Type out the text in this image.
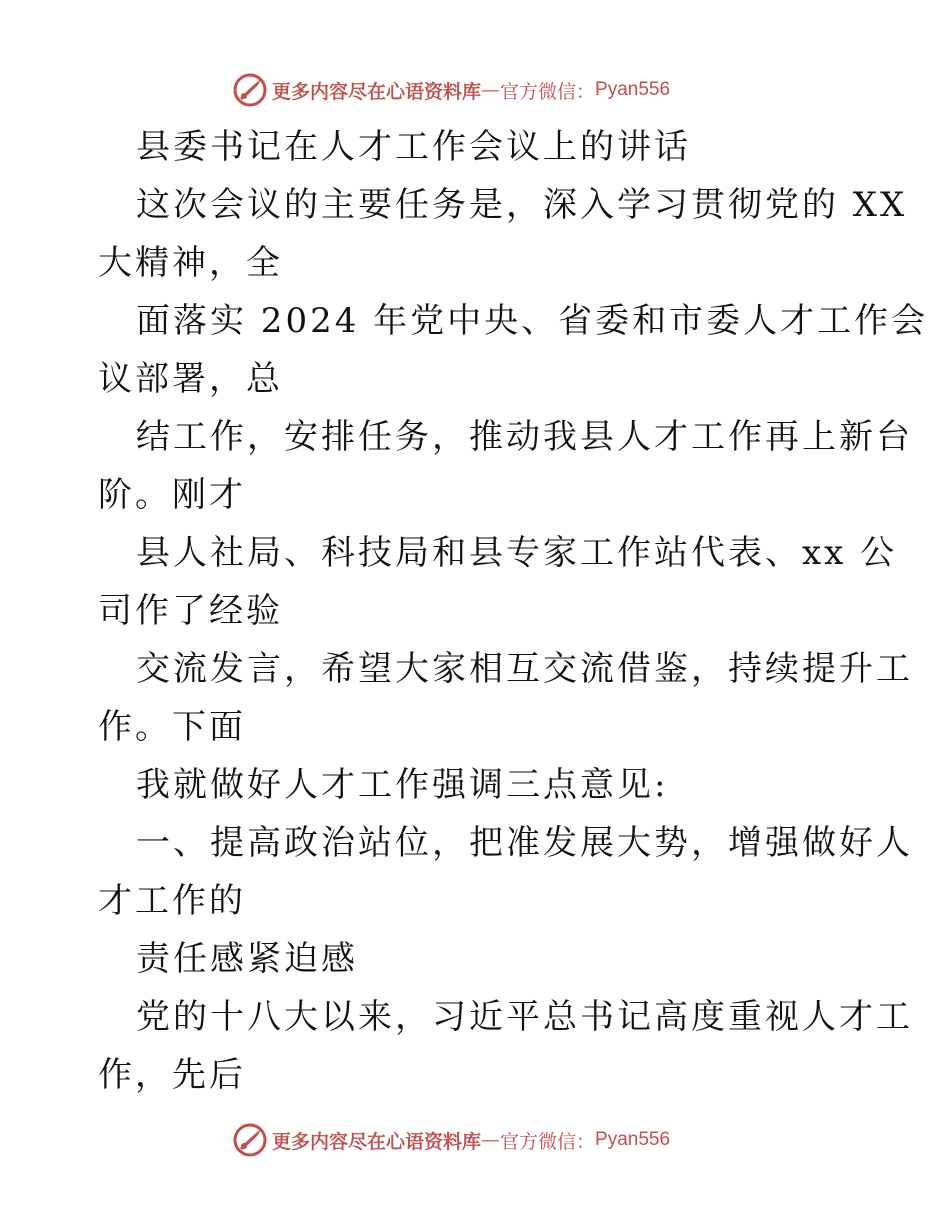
更多内容尽在心语资料库 — 官方微信： Pyan556
县委书记在人才工作会议上的讲话
这次会议的主要任务是，深入学习贯彻党的 XX
大精神，全
面落实 2024 年党中央、省委和市委人才工作会
议部署，总
结工作，安排任务，推动我县人才工作再上新台
阶。刚才
县人社局、科技局和县专家工作站代表、xx 公
司作了经验
交流发言，希望大家相互交流借鉴，持续提升工
作。下面
我就做好人才工作强调三点意见:
一、提高政治站位，把准发展大势，增强做好人
才工作的
责任感紧迫感
党的十八大以来，习近平总书记高度重视人才工
作，先后
更多内容尽在心语资料库 — 官方微信： Pyan556
